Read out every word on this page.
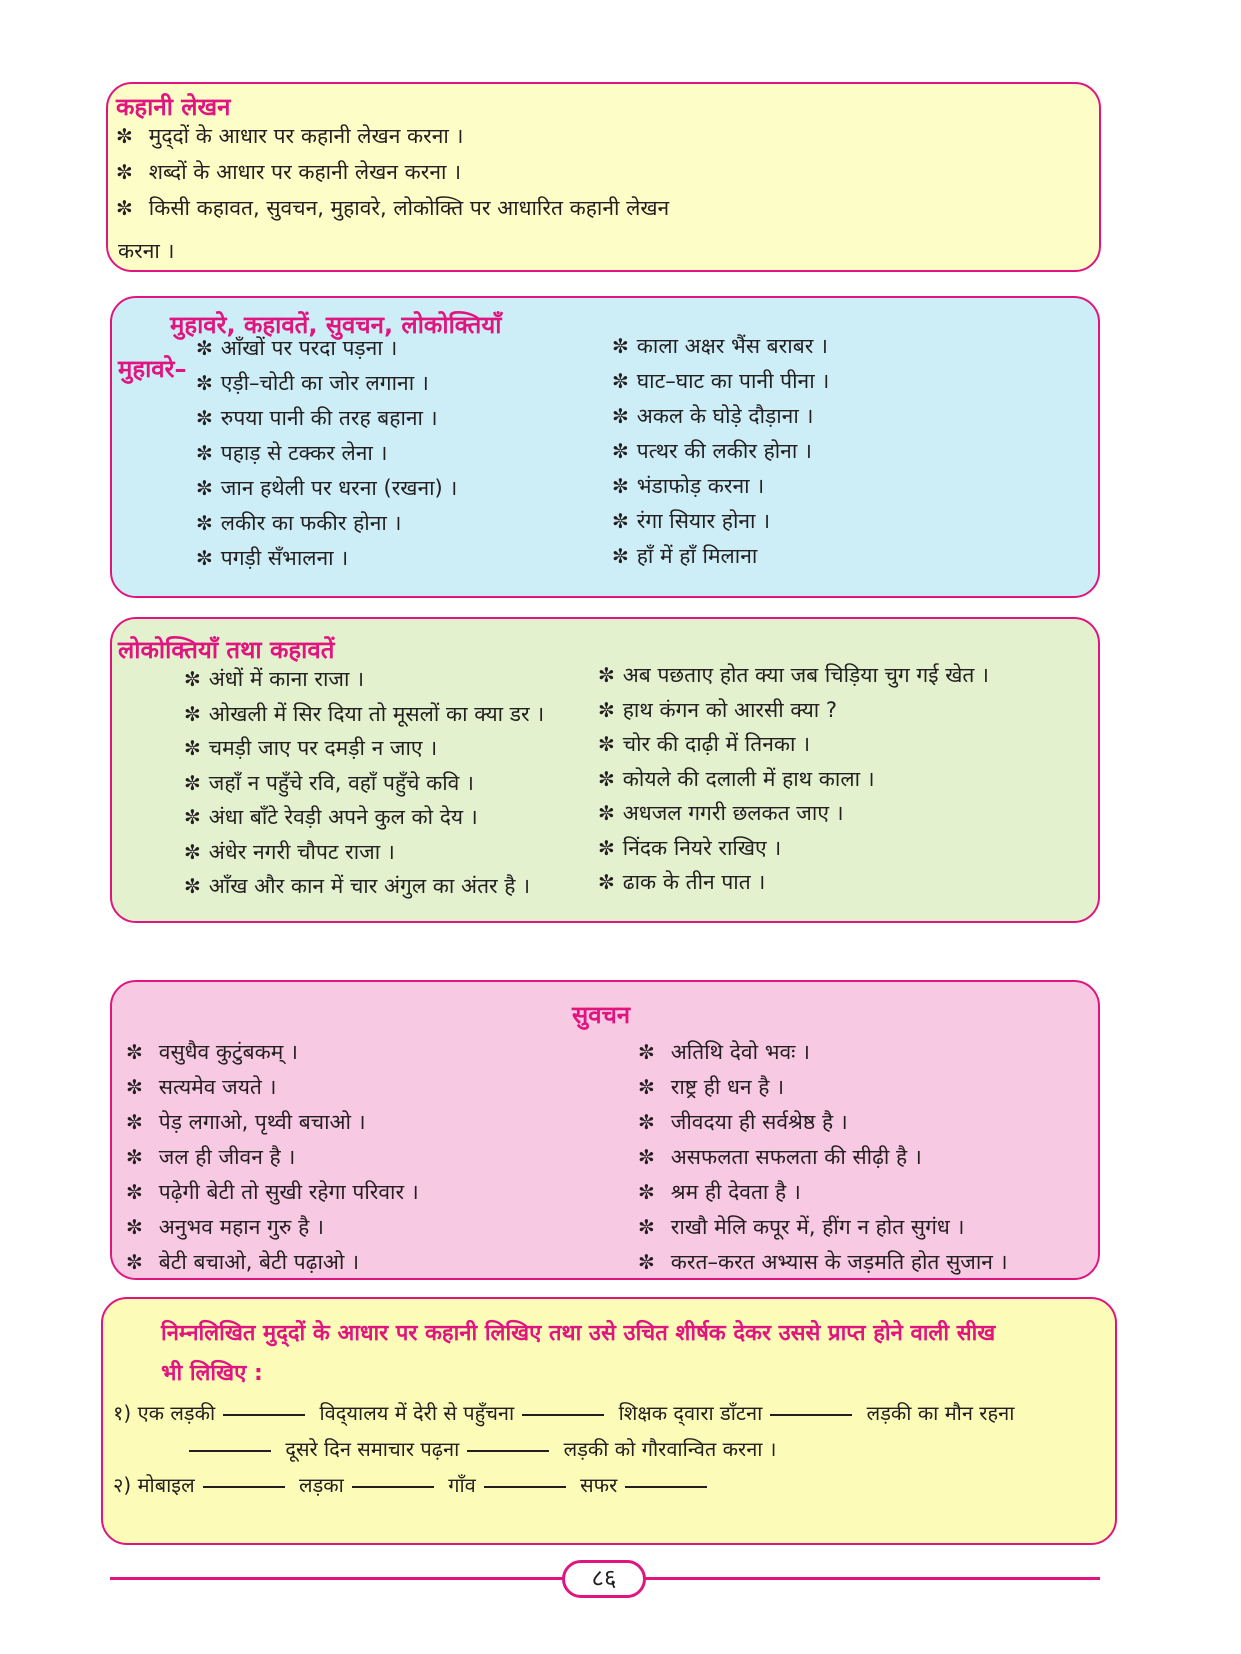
कहानी लेखन
✼ मुद्‌दों के आधार पर कहानी लेखन करना ।
✼ शब्दों के आधार पर कहानी लेखन करना ।
✼ किसी कहावत, सुवचन, मुहावरे, लोकोक्ति पर आधारित कहानी लेखन
करना ।
मुहावरे, कहावतें, सुवचन, लोकोक्तियाँ
मुहावरे–
✼ आँखों पर परदा पड़ना ।
✼ एड़ी–चोटी का जोर लगाना ।
✼ रुपया पानी की तरह बहाना ।
✼ पहाड़ से टक्कर लेना ।
✼ जान हथेली पर धरना (रखना) ।
✼ लकीर का फकीर होना ।
✼ पगड़ी सँभालना ।
✼ काला अक्षर भैंस बराबर ।
✼ घाट–घाट का पानी पीना ।
✼ अकल के घोड़े दौड़ाना ।
✼ पत्थर की लकीर होना ।
✼ भंडाफोड़ करना ।
✼ रंगा सियार होना ।
✼ हाँ में हाँ मिलाना
लोकोक्तियाँ तथा कहावतें
✼ अंधों में काना राजा ।
✼ ओखली में सिर दिया तो मूसलों का क्या डर ।
✼ चमड़ी जाए पर दमड़ी न जाए ।
✼ जहाँ न पहुँचे रवि, वहाँ पहुँचे कवि ।
✼ अंधा बाँटे रेवड़ी अपने कुल को देय ।
✼ अंधेर नगरी चौपट राजा ।
✼ आँख और कान में चार अंगुल का अंतर है ।
✼ अब पछताए होत क्या जब चिड़िया चुग गई खेत ।
✼ हाथ कंगन को आरसी क्या ?
✼ चोर की दाढ़ी में तिनका ।
✼ कोयले की दलाली में हाथ काला ।
✼ अधजल गगरी छलकत जाए ।
✼ निंदक नियरे राखिए ।
✼ ढाक के तीन पात ।
सुवचन
✼ वसुधैव कुटुंबकम्‌ ।
✼ सत्यमेव जयते ।
✼ पेड़ लगाओ, पृथ्वी बचाओ ।
✼ जल ही जीवन है ।
✼ पढ़ेगी बेटी तो सुखी रहेगा परिवार ।
✼ अनुभव महान गुरु है ।
✼ बेटी बचाओ, बेटी पढ़ाओ ।
✼ अतिथि देवो भवः ।
✼ राष्ट्र ही धन है ।
✼ जीवदया ही सर्वश्रेष्ठ है ।
✼ असफलता सफलता की सीढ़ी है ।
✼ श्रम ही देवता है ।
✼ राखौ मेलि कपूर में, हींग न होत सुगंध ।
✼ करत–करत अभ्यास के जड़मति होत सुजान ।
निम्नलिखित मुद्‌दों के आधार पर कहानी लिखिए तथा उसे उचित शीर्षक देकर उससे प्राप्त होने वाली सीख
भी लिखिए :
१) एक लड़की	विद्‌यालय में देरी से पहुँचना	शिक्षक द्‌वारा डाँटना	लड़की का मौन रहना
दूसरे दिन समाचार पढ़ना	लड़की को गौरवान्वित करना ।
२) मोबाइल	लड़का	गाँव	सफर
८६
